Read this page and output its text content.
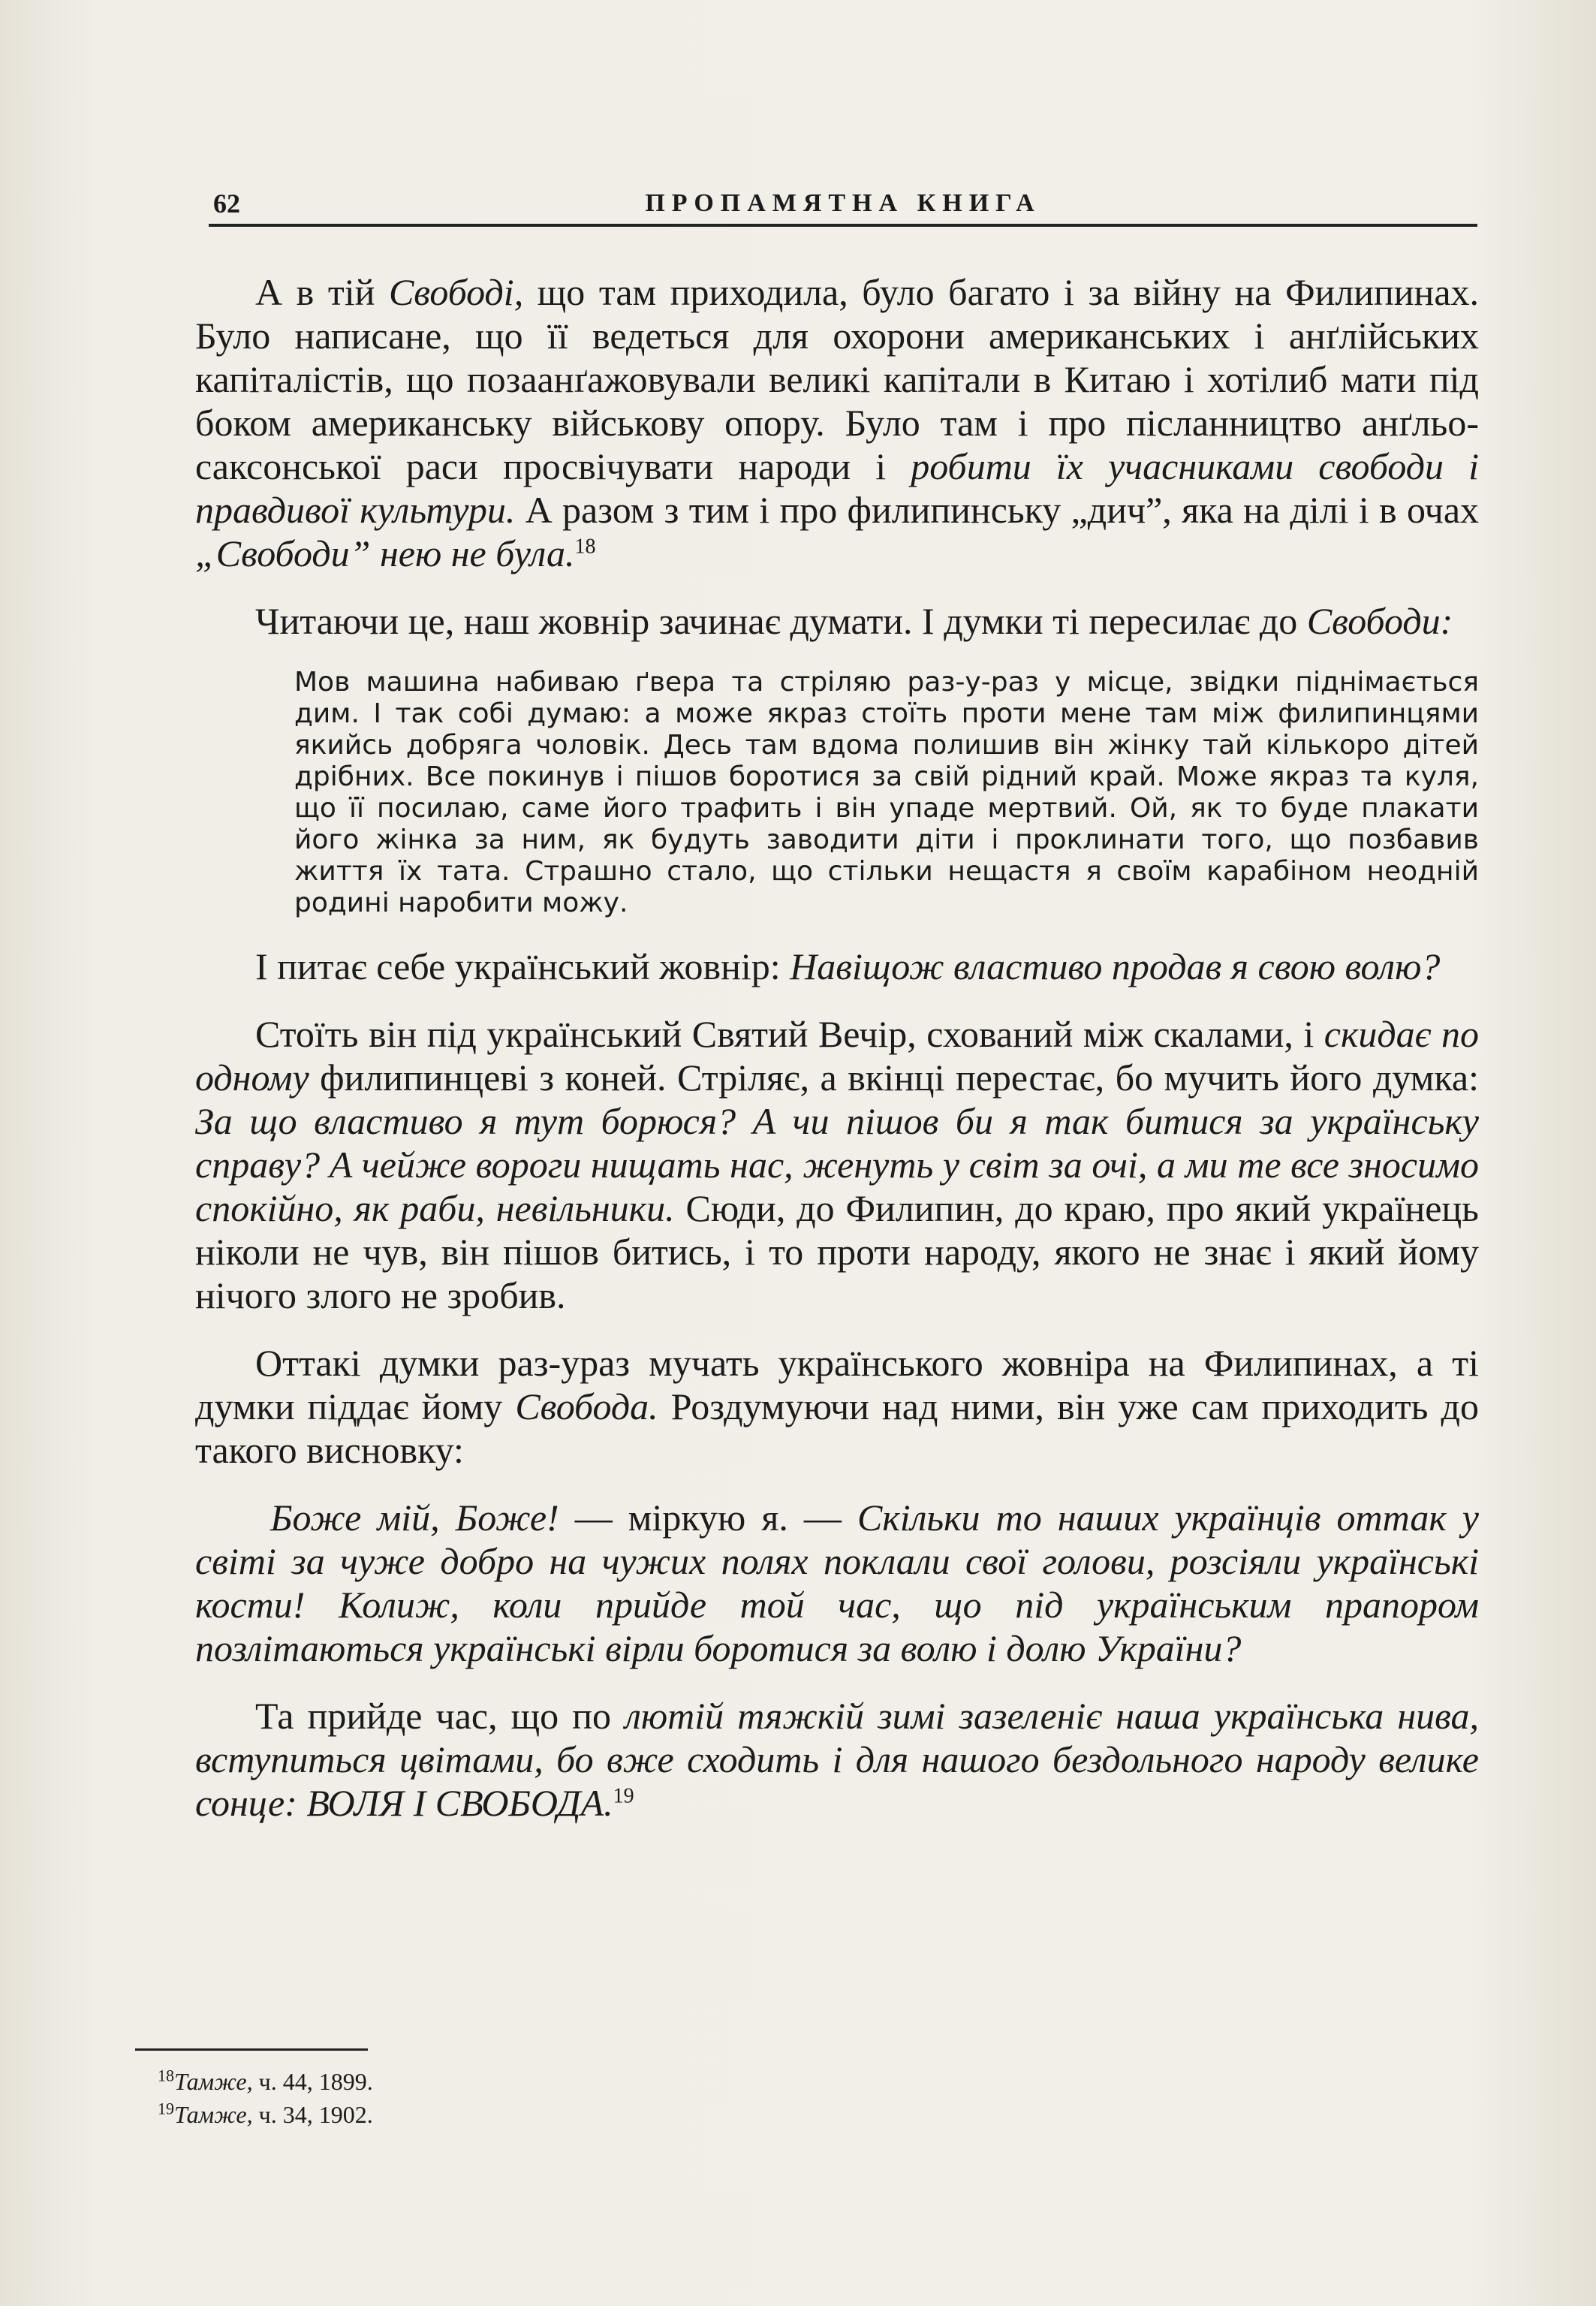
62	ПРОПАМЯТНА КНИГА

А в тій Свободі, що там приходила, було багато і за війну на Филипинах. Було написане, що її ведеться для охорони американських і анґлійських капіталістів, що позаанґажовували великі капітали в Китаю і хотілиб мати під боком американську військову опору. Було там і про післанництво анґльо-саксонської раси просвічувати народи і робити їх учасниками свободи і правдивої культури. А разом з тим і про филипинську „дич”, яка на ділі і в очах „Свободи” нею не була.$^{18}$

Читаючи це, наш жовнір зачинає думати. І думки ті пересилає до Свободи:

Мов машина набиваю ґвера та стріляю раз-у-раз у місце, звідки піднімається дим. І так собі думаю: а може якраз стоїть проти мене там між филипинцями якийсь добряга чоловік. Десь там вдома полишив він жінку тай кількоро дітей дрібних. Все покинув і пішов боротися за свій рідний край. Може якраз та куля, що її посилаю, саме його трафить і він упаде мертвий. Ой, як то буде плакати його жінка за ним, як будуть заводити діти і проклинати того, що позбавив життя їх тата. Страшно стало, що стільки нещастя я своїм карабіном неодній родині наробити можу.

І питає себе український жовнір: Навіщож властиво продав я свою волю?

Стоїть він під український Святий Вечір, схований між скалами, і скидає по одному филипинцеві з коней. Стріляє, а вкінці перестає, бо мучить його думка: За що властиво я тут борюся? А чи пішов би я так битися за українську справу? А чейже вороги нищать нас, женуть у світ за очі, а ми те все зносимо спокійно, як раби, невільники. Сюди, до Филипин, до краю, про який українець ніколи не чув, він пішов битись, і то проти народу, якого не знає і який йому нічого злого не зробив.

Оттакі думки раз-ураз мучать українського жовніра на Филипинах, а ті думки піддає йому Свобода. Роздумуючи над ними, він уже сам приходить до такого висновку:

Боже мій, Боже! — міркую я. — Скільки то наших українців оттак у світі за чуже добро на чужих полях поклали свої голови, розсіяли українські кости! Колиж, коли прийде той час, що під українським прапором позлітаються українські вірли боротися за волю і долю України?

Та прийде час, що по лютій тяжкій зимі зазеленіє наша українська нива, вступиться цвітами, бо вже сходить і для нашого бездольного народу велике сонце: ВОЛЯ І СВОБОДА.$^{19}$

$^{18}$Тамже, ч. 44, 1899.

$^{19}$Тамже, ч. 34, 1902.
